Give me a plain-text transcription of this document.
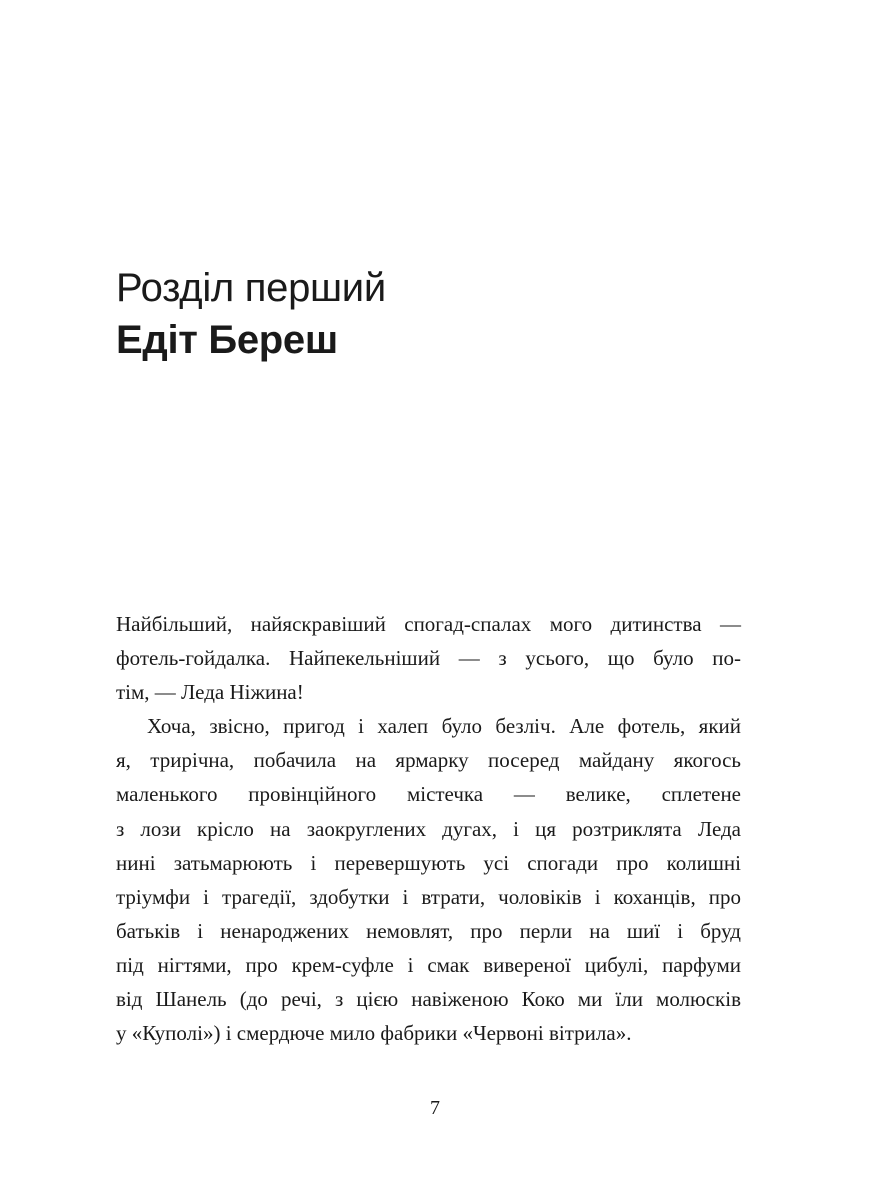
Розділ перший

Едіт Береш

Найбільший, найяскравіший спогад-спалах мого дитинства —
фотель-гойдалка. Найпекельніший — з усього, що було по-
тім, — Леда Ніжина!
Хоча, звісно, пригод і халеп було безліч. Але фотель, який
я, трирічна, побачила на ярмарку посеред майдану якогось
маленького провінційного містечка — велике, сплетене
з лози крісло на заокруглених дугах, і ця розтриклята Леда
нині затьмарюють і перевершують усі спогади про колишні
тріумфи і трагедії, здобутки і втрати, чоловіків і коханців, про
батьків і ненароджених немовлят, про перли на шиї і бруд
під нігтями, про крем-суфле і смак вивереної цибулі, парфуми
від Шанель (до речі, з цією навіженою Коко ми їли молюсків
у «Куполі») і смердюче мило фабрики «Червоні вітрила».
7
